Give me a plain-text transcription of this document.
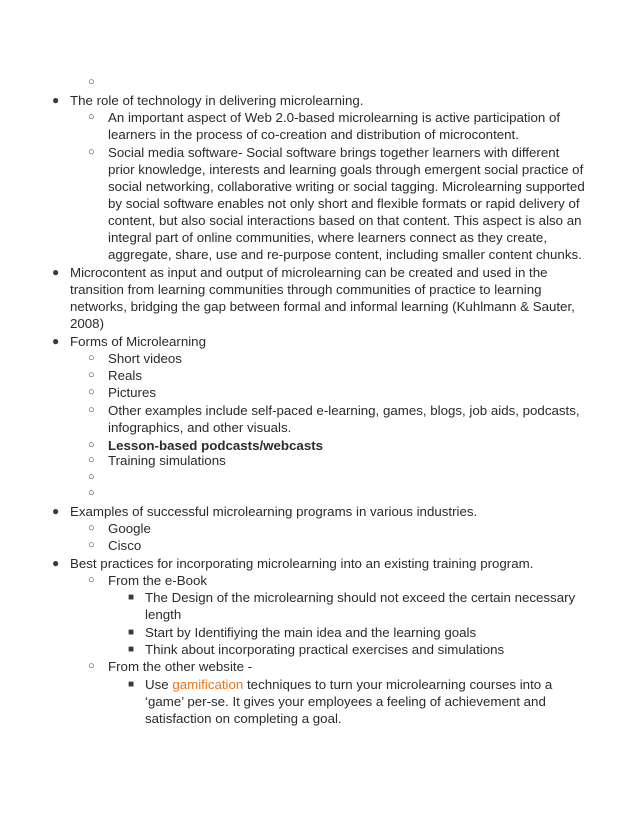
○
● The role of technology in delivering microlearning.
○ An important aspect of Web 2.0-based microlearning is active participation of
learners in the process of co-creation and distribution of microcontent.
○ Social media software- Social software brings together learners with different
prior knowledge, interests and learning goals through emergent social practice of
social networking, collaborative writing or social tagging. Microlearning supported
by social software enables not only short and flexible formats or rapid delivery of
content, but also social interactions based on that content. This aspect is also an
integral part of online communities, where learners connect as they create,
aggregate, share, use and re-purpose content, including smaller content chunks.
● Microcontent as input and output of microlearning can be created and used in the
transition from learning communities through communities of practice to learning
networks, bridging the gap between formal and informal learning (Kuhlmann & Sauter,
2008)
● Forms of Microlearning
○ Short videos
○ Reals
○ Pictures
○ Other examples include self-paced e-learning, games, blogs, job aids, podcasts,
infographics, and other visuals.
○ Lesson-based podcasts/webcasts
○ Training simulations
○
○
● Examples of successful microlearning programs in various industries.
○ Google
○ Cisco
● Best practices for incorporating microlearning into an existing training program.
○ From the e-Book
■ The Design of the microlearning should not exceed the certain necessary
length
■ Start by Identifiying the main idea and the learning goals
■ Think about incorporating practical exercises and simulations
○ From the other website -
■ Use gamification techniques to turn your microlearning courses into a
‘game’ per-se. It gives your employees a feeling of achievement and
satisfaction on completing a goal.
